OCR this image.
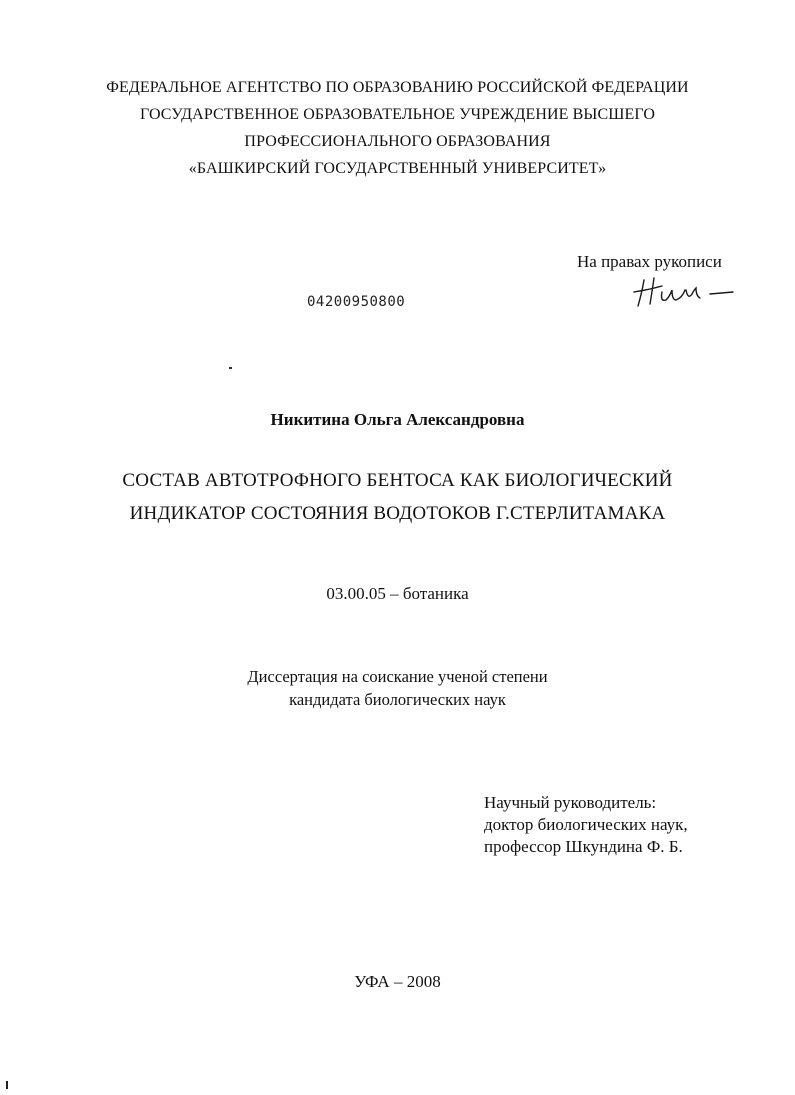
ФЕДЕРАЛЬНОЕ АГЕНТСТВО ПО ОБРАЗОВАНИЮ РОССИЙСКОЙ ФЕДЕРАЦИИ
ГОСУДАРСТВЕННОЕ ОБРАЗОВАТЕЛЬНОЕ УЧРЕЖДЕНИЕ ВЫСШЕГО
ПРОФЕССИОНАЛЬНОГО ОБРАЗОВАНИЯ
«БАШКИРСКИЙ ГОСУДАРСТВЕННЫЙ УНИВЕРСИТЕТ»
На правах рукописи
04200950800
Никитина Ольга Александровна
СОСТАВ АВТОТРОФНОГО БЕНТОСА КАК БИОЛОГИЧЕСКИЙ
ИНДИКАТОР СОСТОЯНИЯ ВОДОТОКОВ Г.СТЕРЛИТАМАКА
03.00.05 – ботаника
Диссертация на соискание ученой степени
кандидата биологических наук
Научный руководитель:
доктор биологических наук,
профессор Шкундина Ф. Б.
УФА – 2008
